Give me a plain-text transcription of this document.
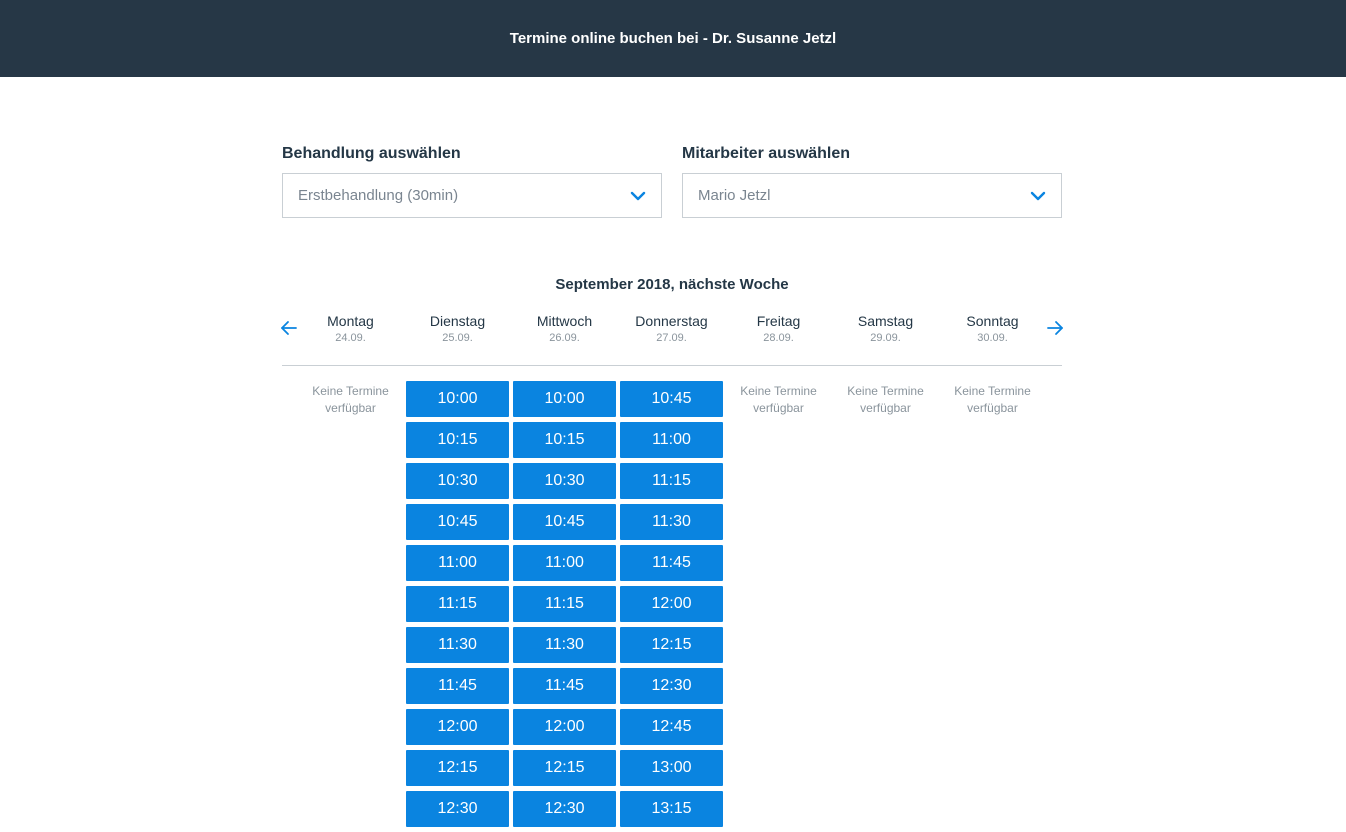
Termine online buchen bei - Dr. Susanne Jetzl
Behandlung auswählen
Erstbehandlung (30min)
Mitarbeiter auswählen
Mario Jetzl
September 2018, nächste Woche
Montag
24.09.
Dienstag
25.09.
Mittwoch
26.09.
Donnerstag
27.09.
Freitag
28.09.
Samstag
29.09.
Sonntag
30.09.
Keine Termine verfügbar
10:00
10:15
10:30
10:45
11:00
11:15
11:30
11:45
12:00
12:15
12:30
10:00
10:15
10:30
10:45
11:00
11:15
11:30
11:45
12:00
12:15
12:30
10:45
11:00
11:15
11:30
11:45
12:00
12:15
12:30
12:45
13:00
13:15
Keine Termine verfügbar
Keine Termine verfügbar
Keine Termine verfügbar
